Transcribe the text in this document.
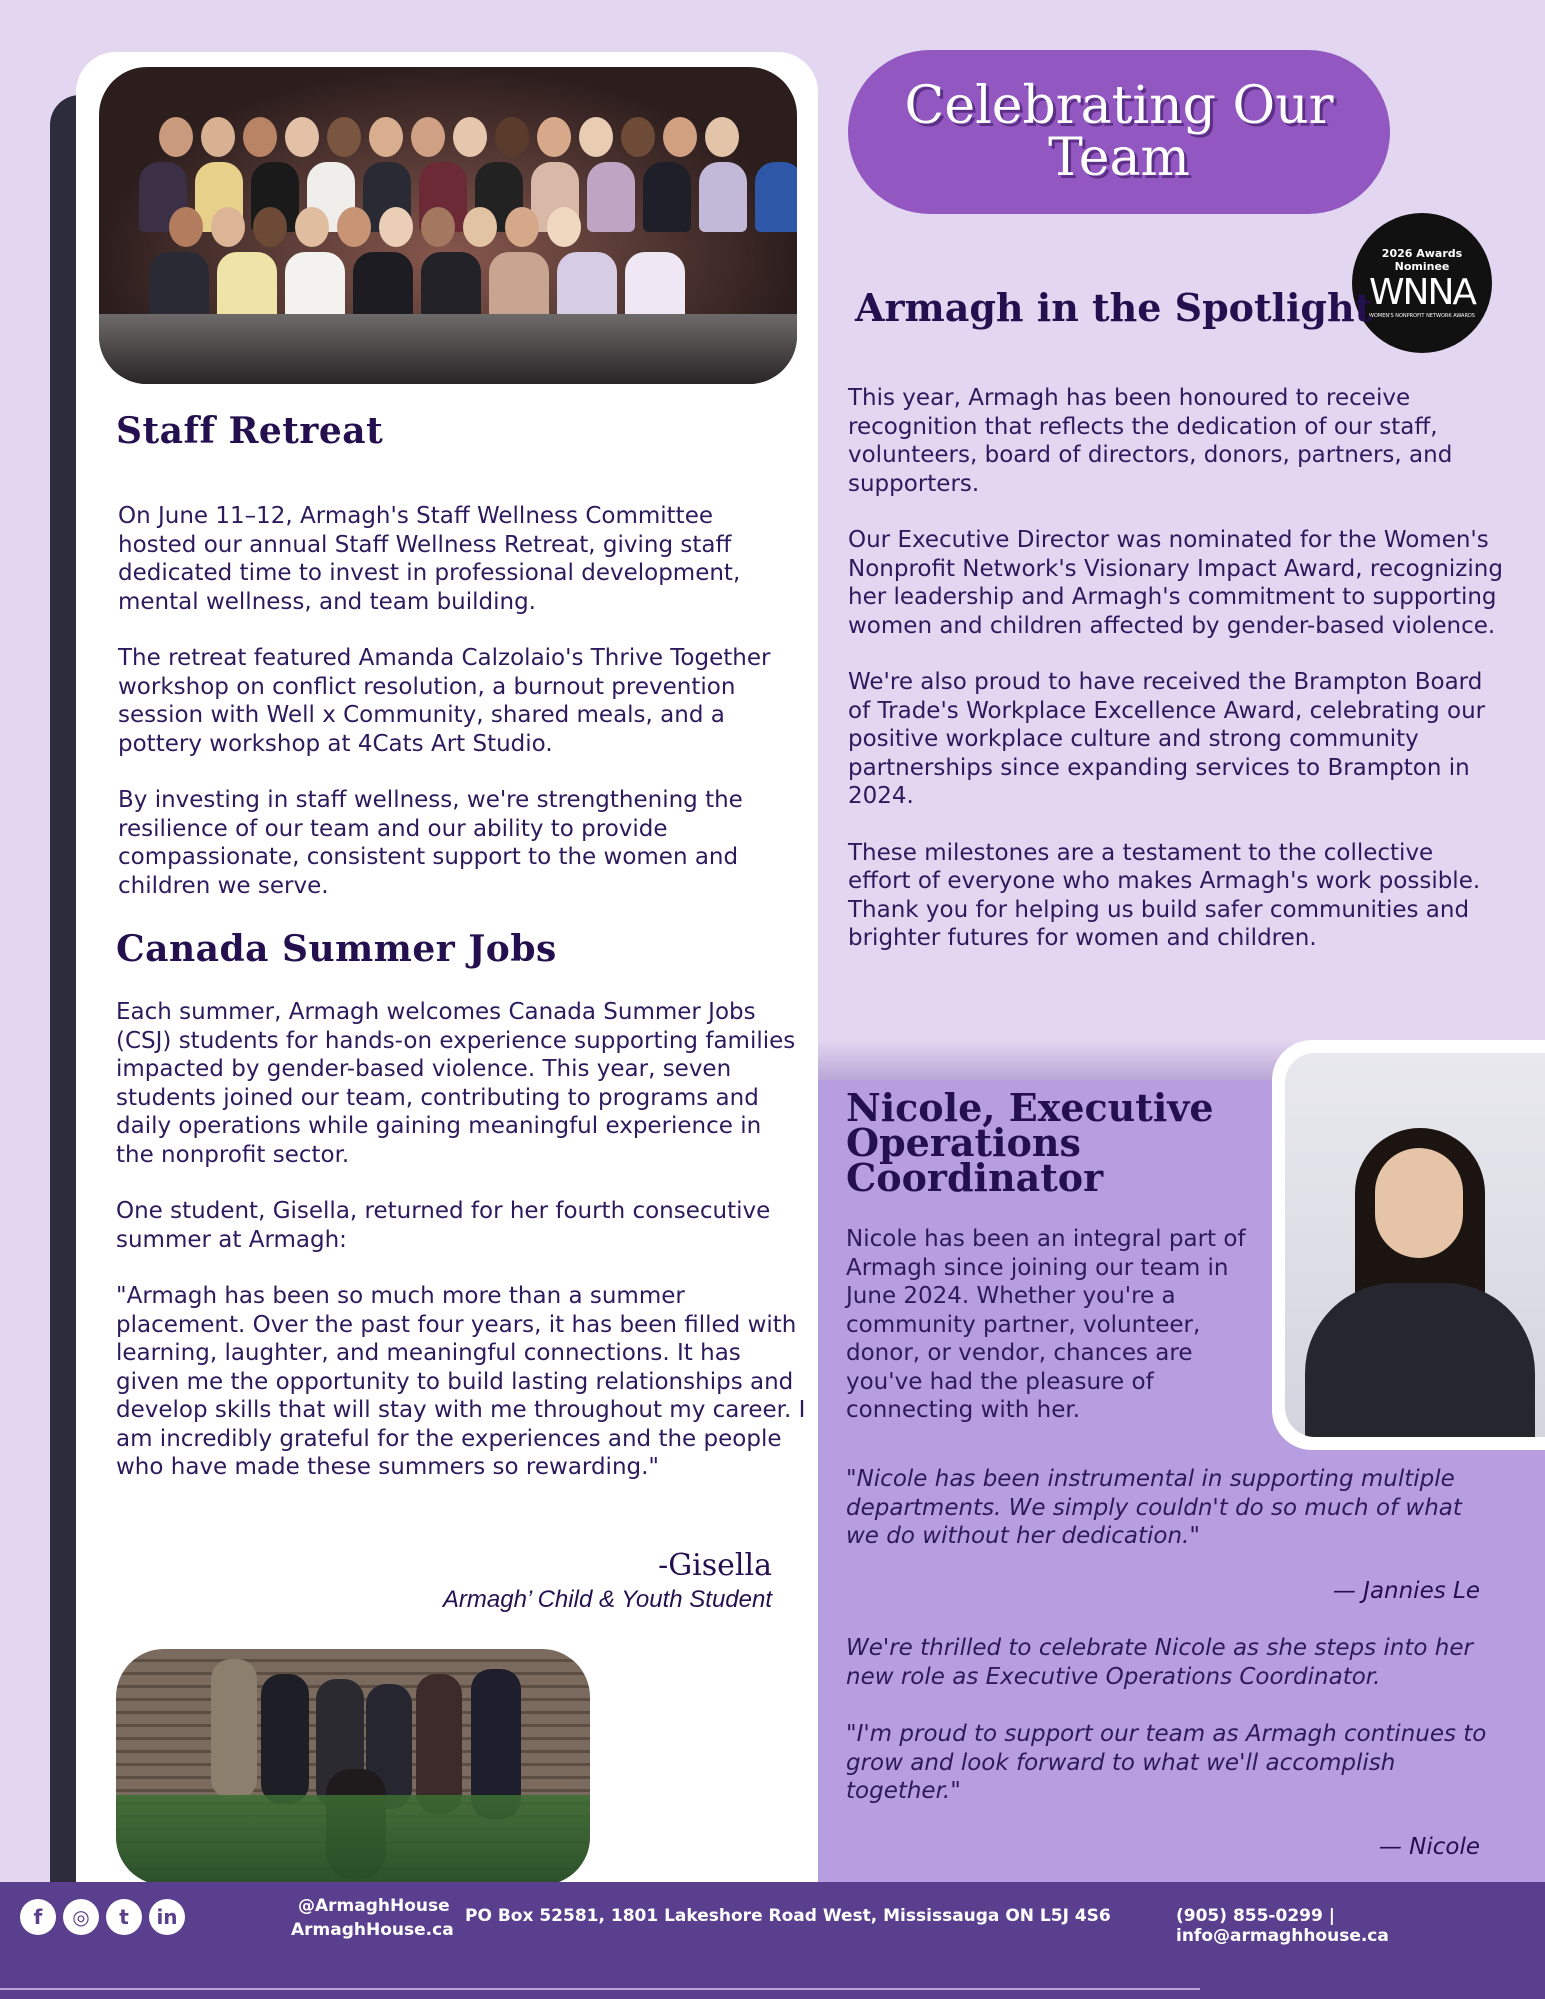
Staff Retreat

On June 11–12, Armagh's Staff Wellness Committee hosted our annual Staff Wellness Retreat, giving staff dedicated time to invest in professional development, mental wellness, and team building.

The retreat featured Amanda Calzolaio's Thrive Together workshop on conflict resolution, a burnout prevention session with Well x Community, shared meals, and a pottery workshop at 4Cats Art Studio.

By investing in staff wellness, we're strengthening the resilience of our team and our ability to provide compassionate, consistent support to the women and children we serve.

Canada Summer Jobs

Each summer, Armagh welcomes Canada Summer Jobs (CSJ) students for hands-on experience supporting families impacted by gender-based violence. This year, seven students joined our team, contributing to programs and daily operations while gaining meaningful experience in the nonprofit sector.

One student, Gisella, returned for her fourth consecutive summer at Armagh:

"Armagh has been so much more than a summer placement. Over the past four years, it has been filled with learning, laughter, and meaningful connections. It has given me the opportunity to build lasting relationships and develop skills that will stay with me throughout my career. I am incredibly grateful for the experiences and the people who have made these summers so rewarding."

-Gisella
Armagh’ Child & Youth Student
Celebrating Our
Team
2026 Awards Nominee
WNNA
WOMEN'S NONPROFIT NETWORK AWARDS
Armagh in the Spotlight

This year, Armagh has been honoured to receive recognition that reflects the dedication of our staff, volunteers, board of directors, donors, partners, and supporters.

Our Executive Director was nominated for the Women's Nonprofit Network's Visionary Impact Award, recognizing her leadership and Armagh's commitment to supporting women and children affected by gender-based violence.

We're also proud to have received the Brampton Board of Trade's Workplace Excellence Award, celebrating our positive workplace culture and strong community partnerships since expanding services to Brampton in 2024.

These milestones are a testament to the collective effort of everyone who makes Armagh's work possible. Thank you for helping us build safer communities and brighter futures for women and children.

Nicole, Executive
Operations
Coordinator
Nicole has been an integral part of Armagh since joining our team in June 2024. Whether you're a community partner, volunteer, donor, or vendor, chances are you've had the pleasure of connecting with her.
"Nicole has been instrumental in supporting multiple departments. We simply couldn't do so much of what we do without her dedication."
— Jannies Le
We're thrilled to celebrate Nicole as she steps into her new role as Executive Operations Coordinator.
"I'm proud to support our team as Armagh continues to grow and look forward to what we'll accomplish together."
— Nicole
f	◎	t	in	@ArmaghHouse
ArmaghHouse.ca
PO Box 52581, 1801 Lakeshore Road West, Mississauga ON L5J 4S6	(905) 855-0299 | info@armaghhouse.ca
